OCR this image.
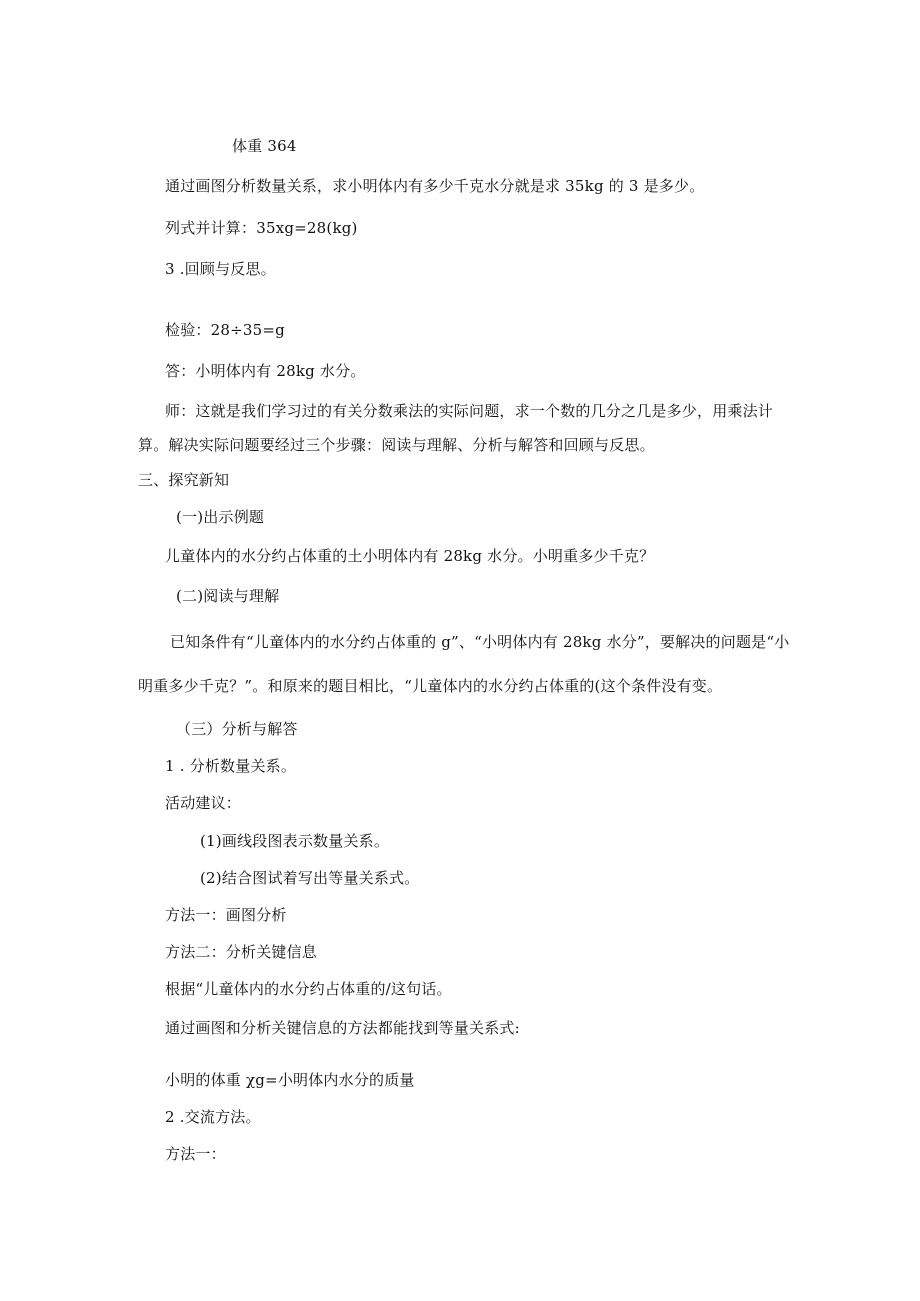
体重 364
通过画图分析数量关系，求小明体内有多少千克水分就是求 35kg 的 3 是多少。
列式并计算：35xg=28(kg)
3 .回顾与反思。
检验：28÷35=g
答：小明体内有 28kg 水分。
师：这就是我们学习过的有关分数乘法的实际问题，求一个数的几分之几是多少，用乘法计
算。解决实际问题要经过三个步骤：阅读与理解、分析与解答和回顾与反思。
三、探究新知
(一)出示例题
儿童体内的水分约占体重的土小明体内有 28kg 水分。小明重多少千克？
(二)阅读与理解
已知条件有“儿童体内的水分约占体重的 g”、“小明体内有 28kg 水分”，要解决的问题是“小
明重多少千克？”。和原来的题目相比，“儿童体内的水分约占体重的(这个条件没有变。
（三）分析与解答
1 . 分析数量关系。
活动建议：
(1)画线段图表示数量关系。
(2)结合图试着写出等量关系式。
方法一：画图分析
方法二：分析关键信息
根据“儿童体内的水分约占体重的/这句话。
通过画图和分析关键信息的方法都能找到等量关系式:
小明的体重 χg=小明体内水分的质量
2 .交流方法。
方法一：
